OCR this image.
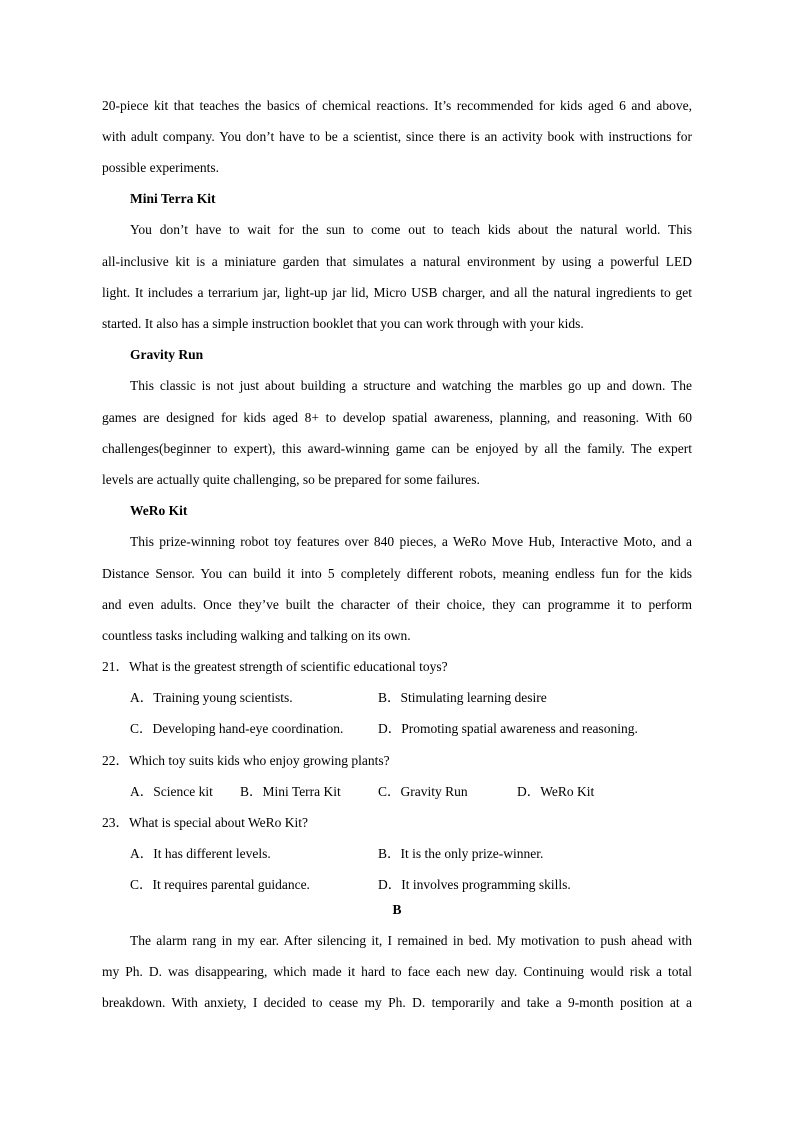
20-piece kit that teaches the basics of chemical reactions. It’s recommended for kids aged 6 and above,
with adult company. You don’t have to be a scientist, since there is an activity book with instructions for
possible experiments.
Mini Terra Kit
You don’t have to wait for the sun to come out to teach kids about the natural world. This
all-inclusive kit is a miniature garden that simulates a natural environment by using a powerful LED
light. It includes a terrarium jar, light-up jar lid, Micro USB charger, and all the natural ingredients to get
started. It also has a simple instruction booklet that you can work through with your kids.
Gravity Run
This classic is not just about building a structure and watching the marbles go up and down. The
games are designed for kids aged 8+ to develop spatial awareness, planning, and reasoning. With 60
challenges(beginner to expert), this award-winning game can be enjoyed by all the family. The expert
levels are actually quite challenging, so be prepared for some failures.
WeRo Kit
This prize-winning robot toy features over 840 pieces, a WeRo Move Hub, Interactive Moto, and a
Distance Sensor. You can build it into 5 completely different robots, meaning endless fun for the kids
and even adults. Once they’ve built the character of their choice, they can programme it to perform
countless tasks including walking and talking on its own.
21．What is the greatest strength of scientific educational toys?
A．Training young scientists.	B．Stimulating learning desire
C．Developing hand-eye coordination.	D．Promoting spatial awareness and reasoning.
22．Which toy suits kids who enjoy growing plants?
A．Science kit B．Mini Terra Kit	C．Gravity Run	D．WeRo Kit
23．What is special about WeRo Kit?
A．It has different levels.	B．It is the only prize-winner.
C．It requires parental guidance.	D．It involves programming skills.
B
The alarm rang in my ear. After silencing it, I remained in bed. My motivation to push ahead with
my Ph. D. was disappearing, which made it hard to face each new day. Continuing would risk a total
breakdown. With anxiety, I decided to cease my Ph. D. temporarily and take a 9-month position at a
